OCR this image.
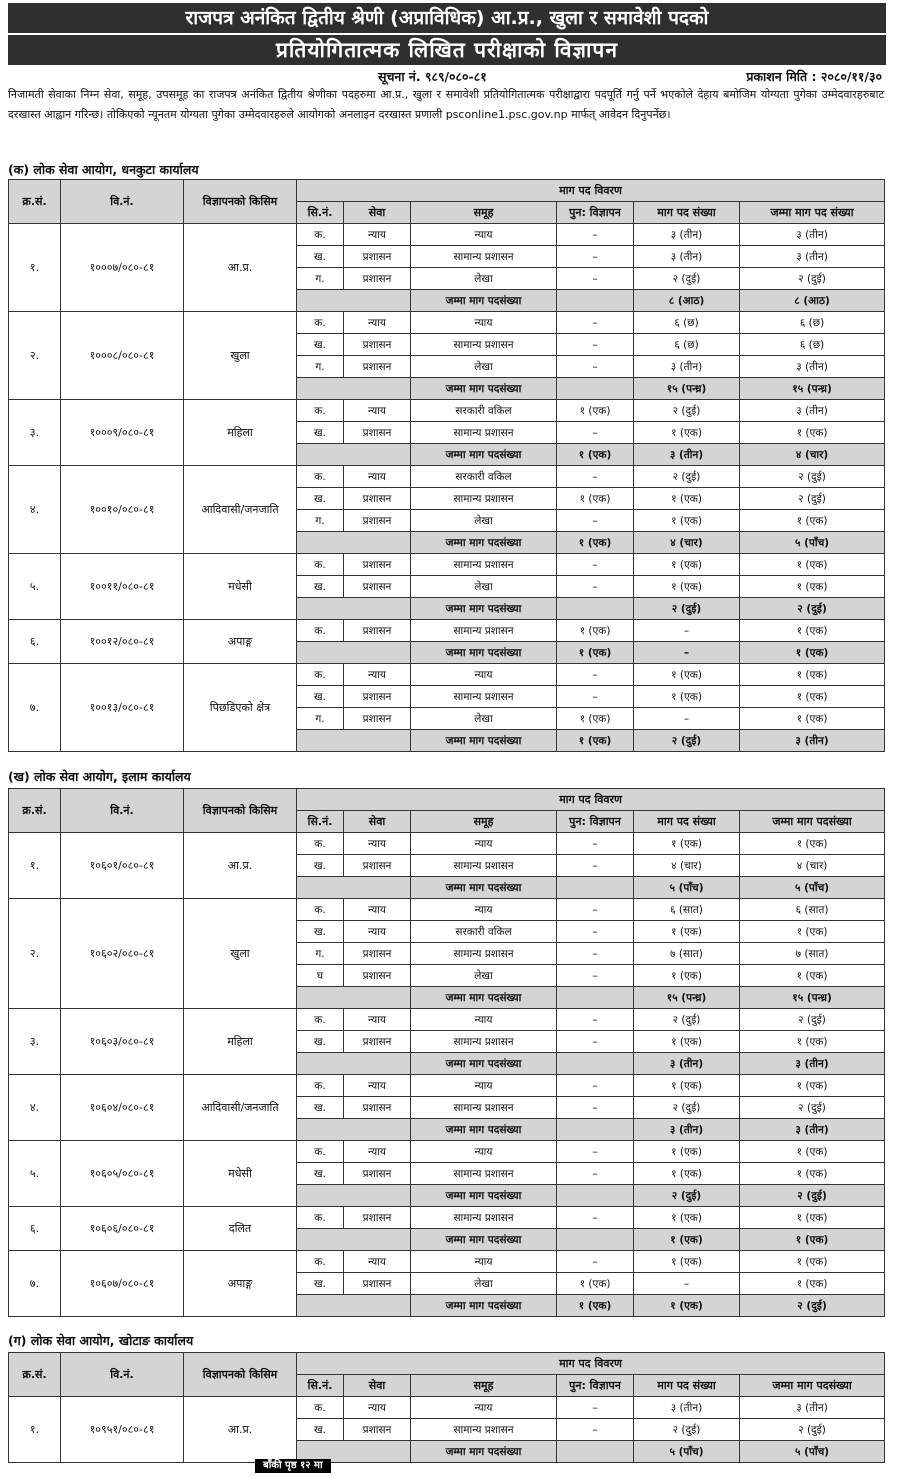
राजपत्र अनंकित द्वितीय श्रेणी (अप्राविधिक) आ.प्र., खुला र समावेशी पदको
प्रतियोगितात्मक लिखित परीक्षाको विज्ञापन
सूचना नं. ९८९/०८०-८१	प्रकाशन मिति : २०८०/११/३०
निजामती सेवाका निम्न सेवा, समूह, उपसमूह का राजपत्र अनंकित द्वितीय श्रेणीका पदहरुमा आ.प्र., खुला र समावेशी प्रतियोगितात्मक परीक्षाद्वारा पदपूर्ति गर्नु पर्ने भएकोले देहाय बमोजिम योग्यता पुगेका उम्मेदवारहरुबाट दरखास्त आह्वान गरिन्छ। तोकिएको न्यूनतम योग्यता पुगेका उम्मेदवारहरुले आयोगको अनलाइन दरखास्त प्रणाली psconline1.psc.gov.np मार्फत् आवेदन दिनुपर्नेछ।
(क) लोक सेवा आयोग, धनकुटा कार्यालय
क्र.सं.	वि.नं.	विज्ञापनको किसिम	माग पद विवरण					
			सि.नं.	सेवा	समूह	पुन: विज्ञापन	माग पद संख्या	जम्मा माग पद संख्या
१.	१०००७/०८०-८१	आ.प्र.	क.	न्याय	न्याय	–	३ (तीन)	३ (तीन)
			ख.	प्रशासन	सामान्य प्रशासन	–	३ (तीन)	३ (तीन)
			ग.	प्रशासन	लेखा	–	२ (दुई)	२ (दुई)
					जम्मा माग पदसंख्या		८ (आठ)	८ (आठ)
२.	१०००८/०८०-८१	खुला	क.	न्याय	न्याय	–	६ (छ)	६ (छ)
			ख.	प्रशासन	सामान्य प्रशासन	–	६ (छ)	६ (छ)
			ग.	प्रशासन	लेखा	–	३ (तीन)	३ (तीन)
					जम्मा माग पदसंख्या		१५ (पन्ध्र)	१५ (पन्ध्र)
३.	१०००९/०८०-८१	महिला	क.	न्याय	सरकारी वकिल	१ (एक)	२ (दुई)	३ (तीन)
			ख.	प्रशासन	सामान्य प्रशासन	–	१ (एक)	१ (एक)
					जम्मा माग पदसंख्या	१ (एक)	३ (तीन)	४ (चार)
४.	१००१०/०८०-८१	आदिवासी/जनजाति	क.	न्याय	सरकारी वकिल	–	२ (दुई)	२ (दुई)
			ख.	प्रशासन	सामान्य प्रशासन	१ (एक)	१ (एक)	२ (दुई)
			ग.	प्रशासन	लेखा	–	१ (एक)	१ (एक)
					जम्मा माग पदसंख्या	१ (एक)	४ (चार)	५ (पाँच)
५.	१००११/०८०-८१	मधेसी	क.	प्रशासन	सामान्य प्रशासन	–	१ (एक)	१ (एक)
			ख.	प्रशासन	लेखा	–	१ (एक)	१ (एक)
					जम्मा माग पदसंख्या		२ (दुई)	२ (दुई)
६.	१००१२/०८०-८१	अपाङ्ग	क.	प्रशासन	सामान्य प्रशासन	१ (एक)	–	१ (एक)
					जम्मा माग पदसंख्या	१ (एक)	–	१ (एक)
७.	१००१३/०८०-८१	पिछडिएको क्षेत्र	क.	न्याय	न्याय	–	१ (एक)	१ (एक)
			ख.	प्रशासन	सामान्य प्रशासन	–	१ (एक)	१ (एक)
			ग.	प्रशासन	लेखा	१ (एक)	–	१ (एक)
					जम्मा माग पदसंख्या	१ (एक)	२ (दुई)	३ (तीन)
(ख) लोक सेवा आयोग, इलाम कार्यालय
क्र.सं.	वि.नं.	विज्ञापनको किसिम	माग पद विवरण					
			सि.नं.	सेवा	समूह	पुन: विज्ञापन	माग पद संख्या	जम्मा माग पदसंख्या
१.	१०६०१/०८०-८१	आ.प्र.	क.	न्याय	न्याय	–	१ (एक)	१ (एक)
			ख.	प्रशासन	सामान्य प्रशासन	–	४ (चार)	४ (चार)
					जम्मा माग पदसंख्या		५ (पाँच)	५ (पाँच)
२.	१०६०२/०८०-८१	खुला	क.	न्याय	न्याय	–	६ (सात)	६ (सात)
			ख.	न्याय	सरकारी वकिल	–	१ (एक)	१ (एक)
			ग.	प्रशासन	सामान्य प्रशासन	–	७ (सात)	७ (सात)
			घ	प्रशासन	लेखा	–	१ (एक)	१ (एक)
					जम्मा माग पदसंख्या		१५ (पन्ध्र)	१५ (पन्ध्र)
३.	१०६०३/०८०-८१	महिला	क.	न्याय	न्याय	–	२ (दुई)	२ (दुई)
			ख.	प्रशासन	सामान्य प्रशासन	–	१ (एक)	१ (एक)
					जम्मा माग पदसंख्या		३ (तीन)	३ (तीन)
४.	१०६०४/०८०-८१	आदिवासी/जनजाति	क.	न्याय	न्याय	–	१ (एक)	१ (एक)
			ख.	प्रशासन	सामान्य प्रशासन	–	२ (दुई)	२ (दुई)
					जम्मा माग पदसंख्या		३ (तीन)	३ (तीन)
५.	१०६०५/०८०-८१	मधेसी	क.	न्याय	न्याय	–	१ (एक)	१ (एक)
			ख.	प्रशासन	सामान्य प्रशासन	–	१ (एक)	१ (एक)
					जम्मा माग पदसंख्या		२ (दुई)	२ (दुई)
६.	१०६०६/०८०-८१	दलित	क.	प्रशासन	सामान्य प्रशासन	–	१ (एक)	१ (एक)
					जम्मा माग पदसंख्या		१ (एक)	१ (एक)
७.	१०६०७/०८०-८१	अपाङ्ग	क.	न्याय	न्याय	–	१ (एक)	१ (एक)
			ख.	प्रशासन	लेखा	१ (एक)	–	१ (एक)
					जम्मा माग पदसंख्या	१ (एक)	१ (एक)	२ (दुई)
(ग) लोक सेवा आयोग, खोटाङ कार्यालय
क्र.सं.	वि.नं.	विज्ञापनको किसिम	माग पद विवरण					
			सि.नं.	सेवा	समूह	पुन: विज्ञापन	माग पद संख्या	जम्मा माग पदसंख्या
१.	१०९५१/०८०-८१	आ.प्र.	क.	न्याय	न्याय	–	३ (तीन)	३ (तीन)
			ख.	प्रशासन	सामान्य प्रशासन	–	२ (दुई)	२ (दुई)
					जम्मा माग पदसंख्या		५ (पाँच)	५ (पाँच)
बाँकी पृष्ठ १२ मा
